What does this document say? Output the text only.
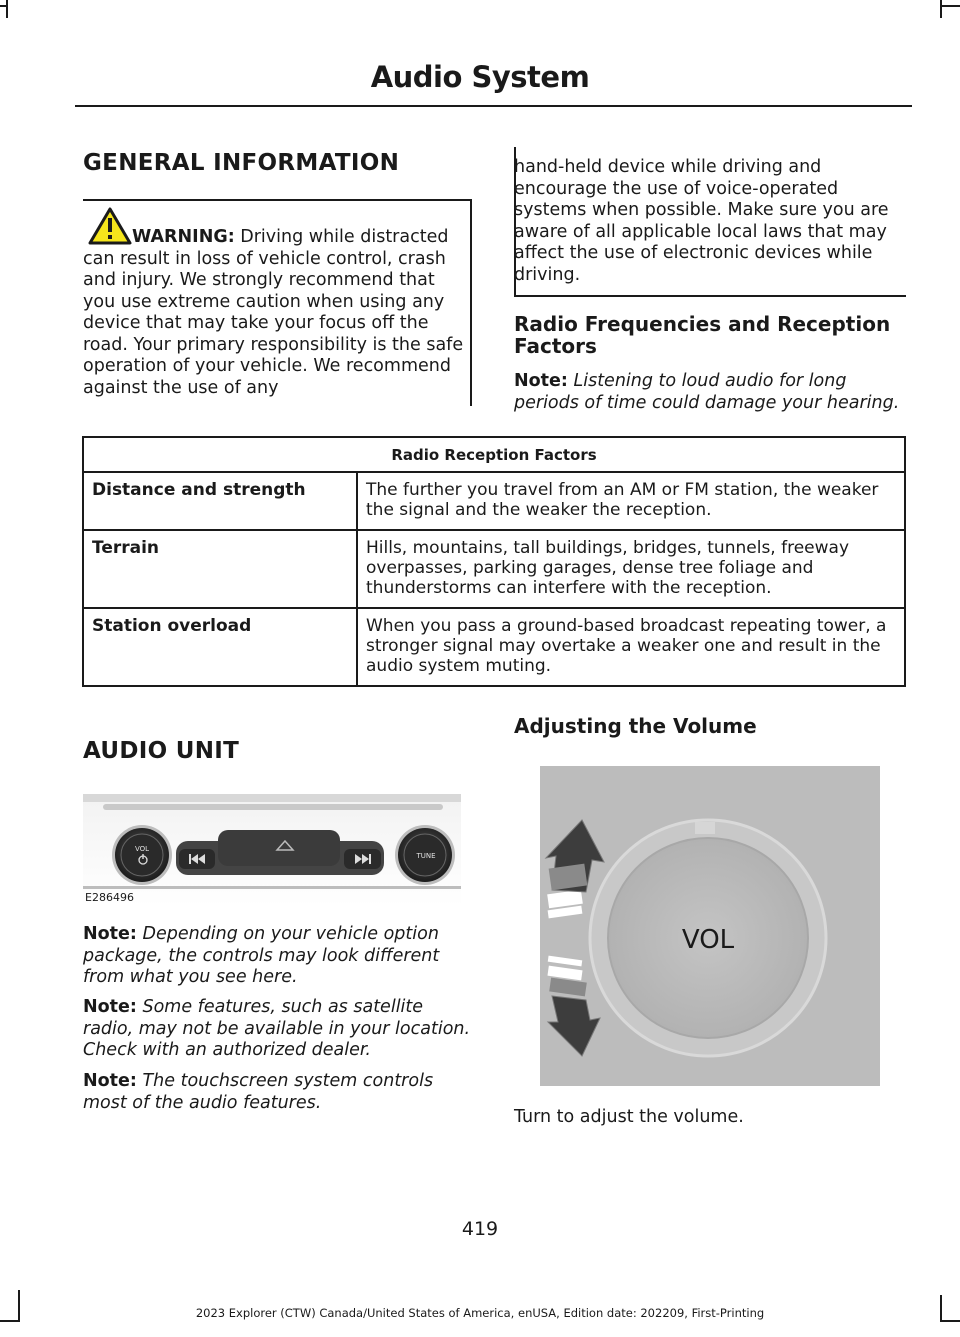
Audio System
GENERAL INFORMATION
WARNING: Driving while distracted can result in loss of vehicle control, crash and injury. We strongly recommend that you use extreme caution when using any device that may take your focus off the road. Your primary responsibility is the safe operation of your vehicle. We recommend against the use of any
hand-held device while driving and encourage the use of voice-operated systems when possible. Make sure you are aware of all applicable local laws that may affect the use of electronic devices while driving.
Radio Frequencies and Reception Factors
Note: Listening to loud audio for long periods of time could damage your hearing.
Radio Reception Factors	
Distance and strength	The further you travel from an AM or FM station, the weaker the signal and the weaker the reception.
Terrain	Hills, mountains, tall buildings, bridges, tunnels, freeway overpasses, parking garages, dense tree foliage and thunderstorms can interfere with the reception.
Station overload	When you pass a ground-based broadcast repeating tower, a stronger signal may overtake a weaker one and result in the audio system muting.
AUDIO UNIT
VOL
TUNE
E286496
Note: Depending on your vehicle option package, the controls may look different from what you see here.
Note: Some features, such as satellite radio, may not be available in your location. Check with an authorized dealer.
Note: The touchscreen system controls most of the audio features.
Adjusting the Volume
VOL
Turn to adjust the volume.
419
2023 Explorer (CTW) Canada/United States of America, enUSA, Edition date: 202209, First-Printing
